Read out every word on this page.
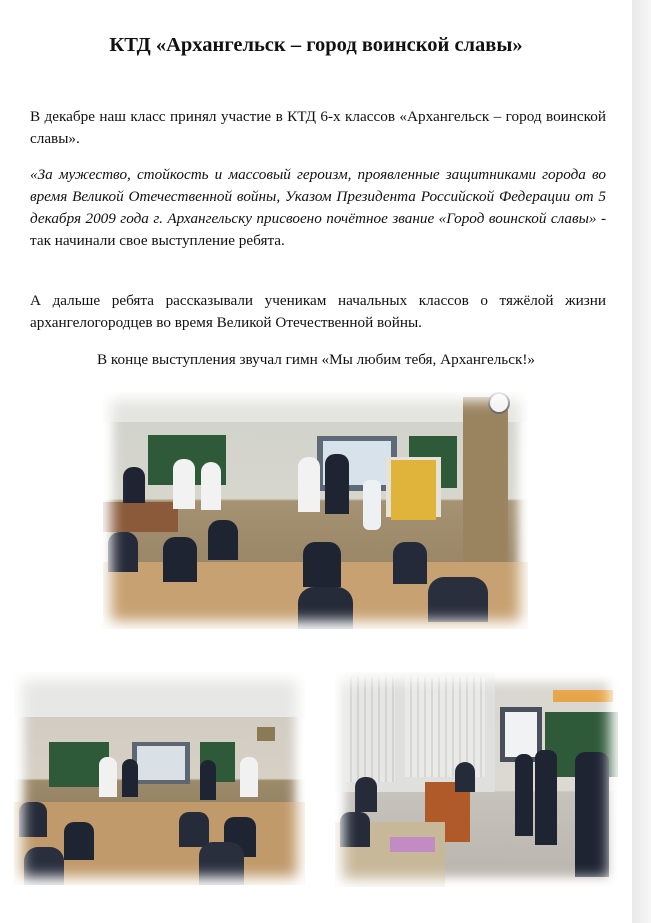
КТД «Архангельск – город воинской славы»

В декабре наш класс принял участие в КТД 6-х классов «Архангельск – город воинской славы».

«За мужество, стойкость и массовый героизм, проявленные защитниками города во время Великой Отечественной войны, Указом Президента Российской Федерации от 5 декабря 2009 года г. Архангельску присвоено почётное звание «Город воинской славы» - так начинали свое выступление ребята.

А дальше ребята рассказывали ученикам начальных классов о тяжёлой жизни архангелогородцев во время Великой Отечественной войны.

В конце выступления звучал гимн «Мы любим тебя, Архангельск!»
